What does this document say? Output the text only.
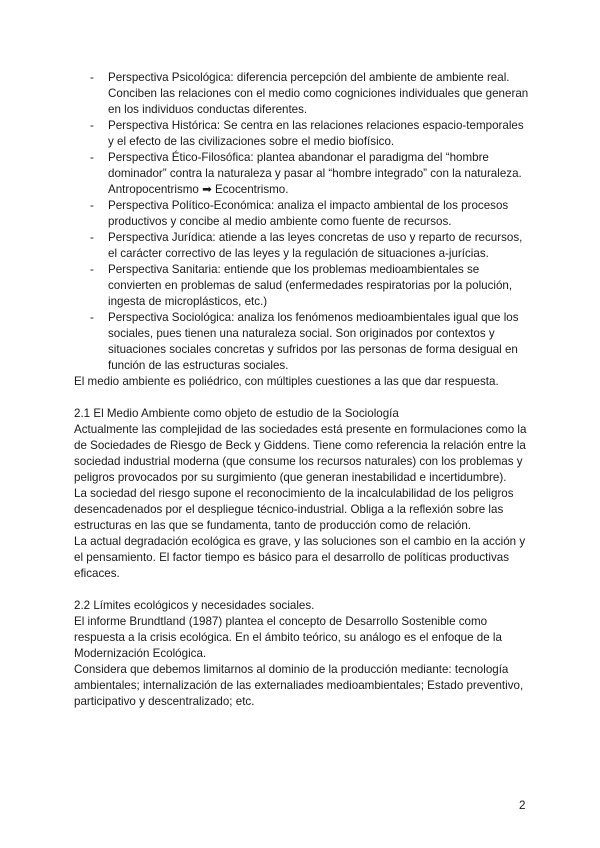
- Perspectiva Psicológica: diferencia percepción del ambiente de ambiente real. Conciben las relaciones con el medio como cogniciones individuales que generan en los individuos conductas diferentes.
- Perspectiva Histórica: Se centra en las relaciones relaciones espacio-temporales y el efecto de las civilizaciones sobre el medio biofísico.
- Perspectiva Ético-Filosófica: plantea abandonar el paradigma del “hombre dominador” contra la naturaleza y pasar al “hombre integrado” con la naturaleza. Antropocentrismo ➡ Ecocentrismo.
- Perspectiva Político-Económica: analiza el impacto ambiental de los procesos productivos y concibe al medio ambiente como fuente de recursos.
- Perspectiva Jurídica: atiende a las leyes concretas de uso y reparto de recursos, el carácter correctivo de las leyes y la regulación de situaciones a-jurícias.
- Perspectiva Sanitaria: entiende que los problemas medioambientales se convierten en problemas de salud (enfermedades respiratorias por la polución, ingesta de microplásticos, etc.)
- Perspectiva Sociológica: analiza los fenómenos medioambientales igual que los sociales, pues tienen una naturaleza social. Son originados por contextos y situaciones sociales concretas y sufridos por las personas de forma desigual en función de las estructuras sociales.

El medio ambiente es poliédrico, con múltiples cuestiones a las que dar respuesta.

2.1 El Medio Ambiente como objeto de estudio de la Sociología

Actualmente las complejidad de las sociedades está presente en formulaciones como la de Sociedades de Riesgo de Beck y Giddens. Tiene como referencia la relación entre la sociedad industrial moderna (que consume los recursos naturales) con los problemas y peligros provocados por su surgimiento (que generan inestabilidad e incertidumbre).

La sociedad del riesgo supone el reconocimiento de la incalculabilidad de los peligros desencadenados por el despliegue técnico-industrial. Obliga a la reflexión sobre las estructuras en las que se fundamenta, tanto de producción como de relación.

La actual degradación ecológica es grave, y las soluciones son el cambio en la acción y el pensamiento. El factor tiempo es básico para el desarrollo de políticas productivas eficaces.

2.2 Límites ecológicos y necesidades sociales.

El informe Brundtland (1987) plantea el concepto de Desarrollo Sostenible como respuesta a la crisis ecológica. En el ámbito teórico, su análogo es el enfoque de la Modernización Ecológica.

Considera que debemos limitarnos al dominio de la producción mediante: tecnología ambientales; internalización de las externaliades medioambientales; Estado preventivo, participativo y descentralizado; etc.

2
